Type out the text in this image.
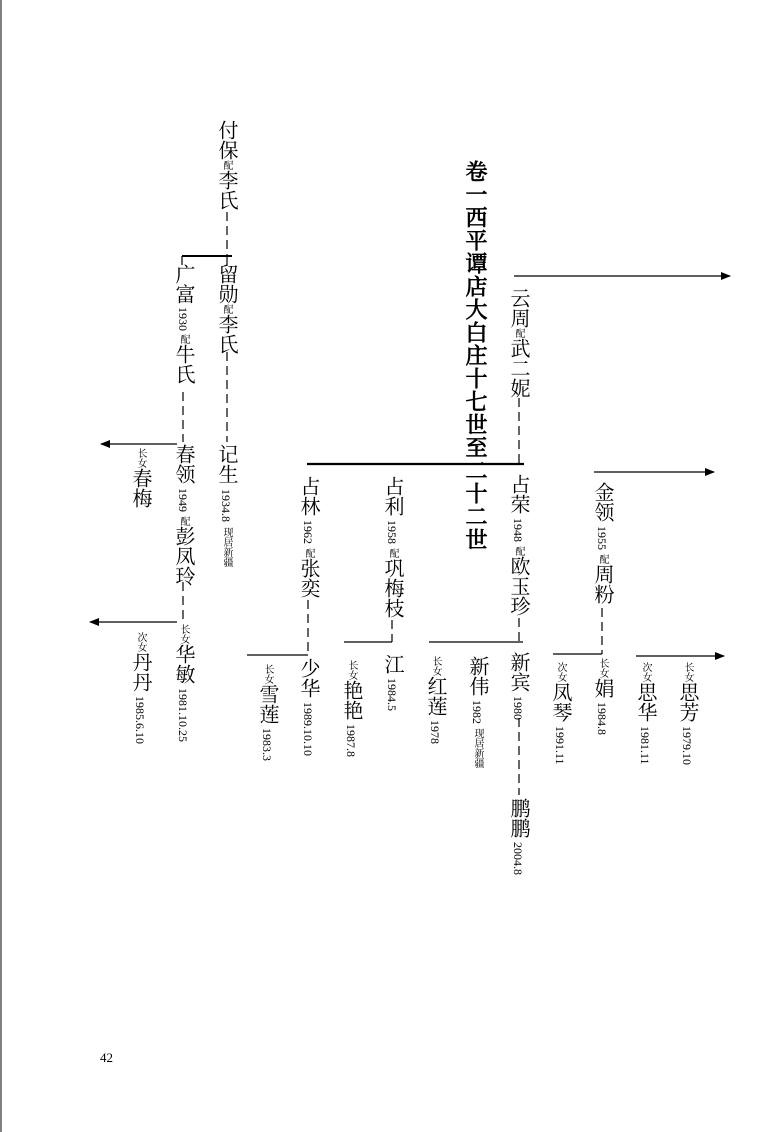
卷一西平谭店大白庄十七世至二十二世
付保配李氏
留勋配李氏
广富1930配牛氏
记生1934.8现居新疆
春领1949配彭凤玲
长女春梅
长女华敏1981.10.25
次女丹丹1985.6.10
云周配武二妮
占林1962配张奕
占利1958配巩梅枝
占荣1948配欧玉珍
金领1955配周粉
少华1989.10.10
长女雪莲1983.3
江1984.5
长女艳艳1987.8
长女红莲1978
新伟1982现居新疆
新宾1980
鹏鹏2004.8
次女凤琴1991.11
长女娟1984.8
次女思华1981.11
长女思芳1979.10
42
